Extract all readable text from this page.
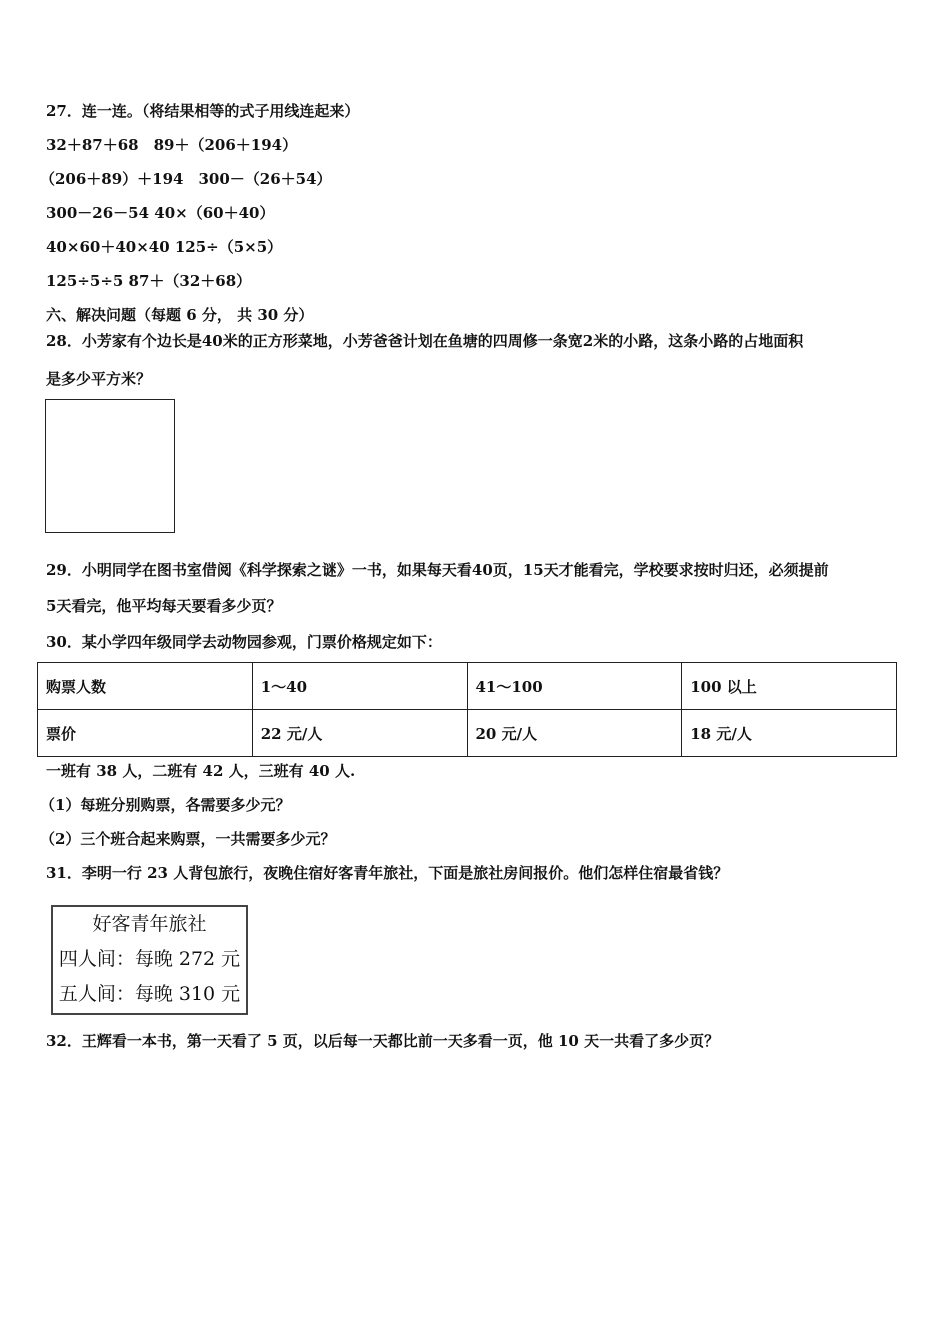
27．连一连。（将结果相等的式子用线连起来）
32＋87＋68　89＋（206＋194）
（206＋89）＋194　300－（26＋54）
300－26－54 40×（60＋40）
40×60＋40×40 125÷（5×5）
125÷5÷5 87＋（32＋68）
六、解决问题（每题 6 分， 共 30 分）
28．小芳家有个边长是40米的正方形菜地，小芳爸爸计划在鱼塘的四周修一条宽2米的小路，这条小路的占地面积
是多少平方米？
29．小明同学在图书室借阅《科学探索之谜》一书，如果每天看40页，15天才能看完，学校要求按时归还，必须提前
5天看完，他平均每天要看多少页？
30．某小学四年级同学去动物园参观，门票价格规定如下：
购票人数	1～40	41～100	100 以上
票价	22 元/人	20 元/人	18 元/人
一班有 38 人，二班有 42 人，三班有 40 人.
（1）每班分别购票，各需要多少元？
（2）三个班合起来购票，一共需要多少元？
31．李明一行 23 人背包旅行，夜晚住宿好客青年旅社，下面是旅社房间报价。他们怎样住宿最省钱？
好客青年旅社
四人间：每晚 272 元
五人间：每晚 310 元
32．王辉看一本书，第一天看了 5 页，以后每一天都比前一天多看一页，他 10 天一共看了多少页？
